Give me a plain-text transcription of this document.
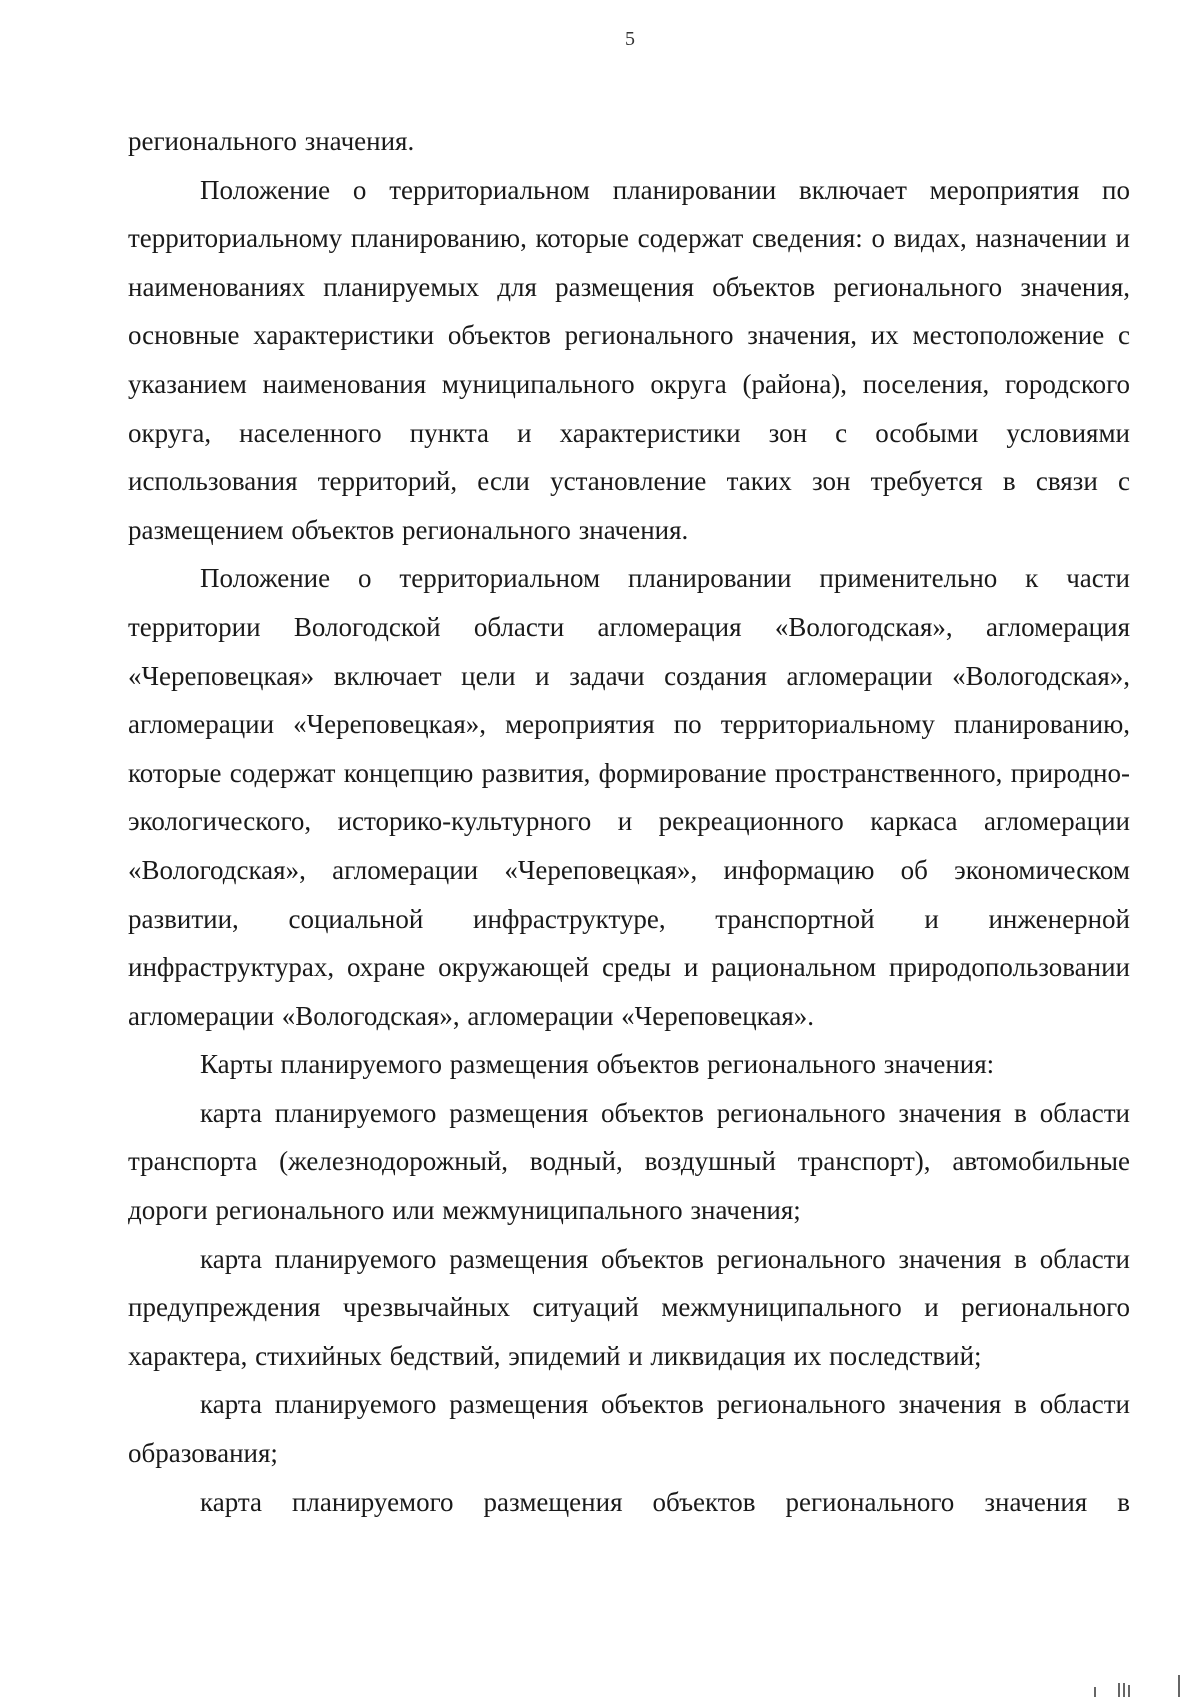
5

регионального значения.

Положение о территориальном планировании включает мероприятия по территориальному планированию, которые содержат сведения: о видах, назначении и наименованиях планируемых для размещения объектов регионального значения, основные характеристики объектов регионального значения, их местоположение с указанием наименования муниципального округа (района), поселения, городского округа, населенного пункта и характеристики зон с особыми условиями использования территорий, если установление таких зон требуется в связи с размещением объектов регионального значения.

Положение о территориальном планировании применительно к части территории Вологодской области агломерация «Вологодская», агломерация «Череповецкая» включает цели и задачи создания агломерации «Вологодская», агломерации «Череповецкая», мероприятия по территориальному планированию, которые содержат концепцию развития, формирование пространственного, природно-экологического, историко-культурного и рекреационного каркаса агломерации «Вологодская», агломерации «Череповецкая», информацию об экономическом развитии, социальной инфраструктуре, транспортной и инженерной инфраструктурах, охране окружающей среды и рациональном природопользовании агломерации «Вологодская», агломерации «Череповецкая».

Карты планируемого размещения объектов регионального значения:

карта планируемого размещения объектов регионального значения в области транспорта (железнодорожный, водный, воздушный транспорт), автомобильные дороги регионального или межмуниципального значения;

карта планируемого размещения объектов регионального значения в области предупреждения чрезвычайных ситуаций межмуниципального и регионального характера, стихийных бедствий, эпидемий и ликвидация их последствий;

карта планируемого размещения объектов регионального значения в области образования;

карта планируемого размещения объектов регионального значения в
